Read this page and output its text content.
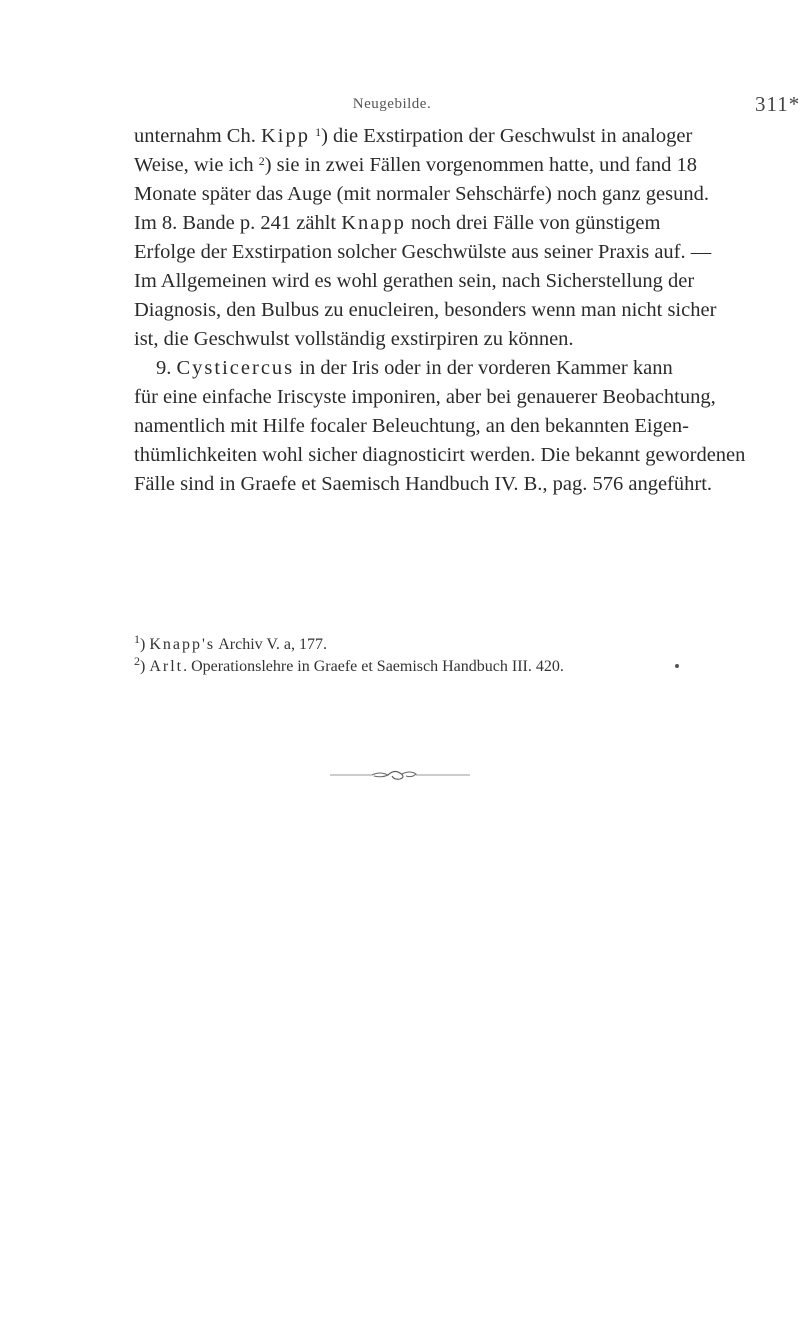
Neugebilde.	311*
unternahm Ch. Kipp $^1$) die Exstirpation der Geschwulst in analoger
Weise, wie ich $^2$) sie in zwei Fällen vorgenommen hatte, und fand 18
Monate später das Auge (mit normaler Sehschärfe) noch ganz gesund.
Im 8. Bande p. 241 zählt Knapp noch drei Fälle von günstigem
Erfolge der Exstirpation solcher Geschwülste aus seiner Praxis auf. —
Im Allgemeinen wird es wohl gerathen sein, nach Sicherstellung der
Diagnosis, den Bulbus zu enucleiren, besonders wenn man nicht sicher
ist, die Geschwulst vollständig exstirpiren zu können.
9. Cysticercus in der Iris oder in der vorderen Kammer kann
für eine einfache Iriscyste imponiren, aber bei genauerer Beobachtung,
namentlich mit Hilfe focaler Beleuchtung, an den bekannten Eigen-
thümlichkeiten wohl sicher diagnosticirt werden. Die bekannt gewordenen
Fälle sind in Graefe et Saemisch Handbuch IV. B., pag. 576 angeführt.
$^1$) Knapp's Archiv V. a, 177.
$^2$) Arlt. Operationslehre in Graefe et Saemisch Handbuch III. 420.
